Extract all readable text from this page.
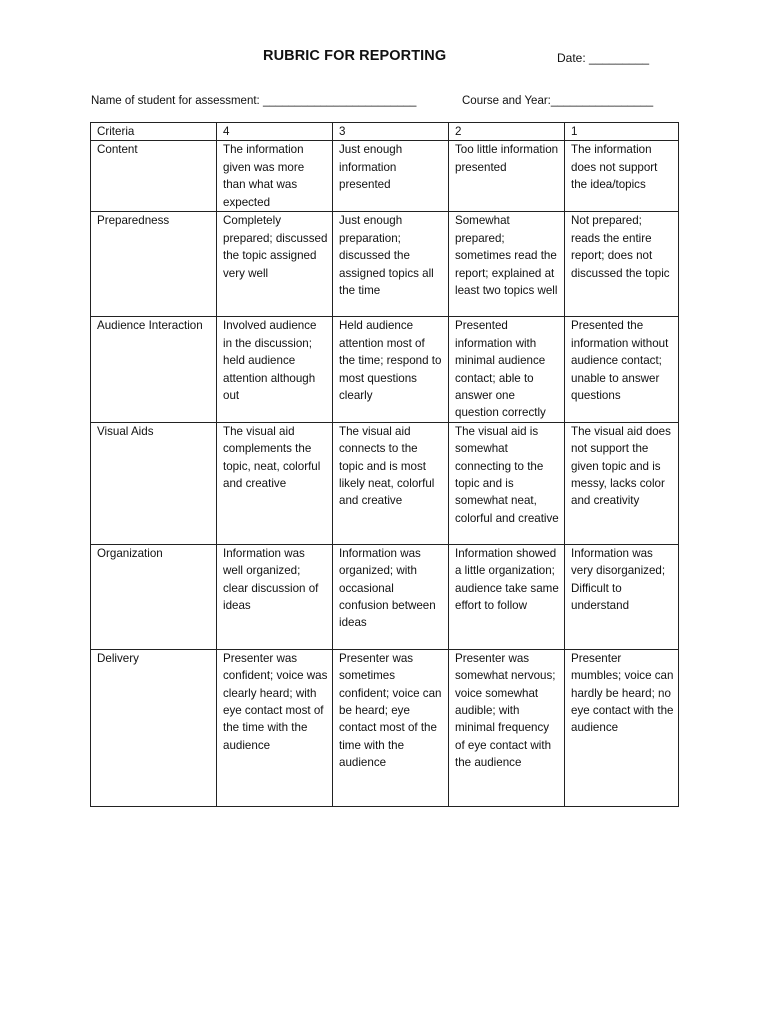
RUBRIC FOR REPORTING	Date: _________
Name of student for assessment: ________________________	Course and Year:________________
Criteria	4	3	2	1
Content	The information given was more than what was expected	Just enough information presented	Too little information presented	The information does not support the idea/topics
Preparedness	Completely prepared; discussed the topic assigned very well	Just enough preparation; discussed the assigned topics all the time	Somewhat prepared; sometimes read the report; explained at least two topics well	Not prepared; reads the entire report; does not discussed the topic
Audience Interaction	Involved audience in the discussion; held audience attention although out	Held audience attention most of the time; respond to most questions clearly	Presented information with minimal audience contact; able to answer one question correctly	Presented the information without audience contact; unable to answer questions
Visual Aids	The visual aid complements the topic, neat, colorful and creative	The visual aid connects to the topic and is most likely neat, colorful and creative	The visual aid is somewhat connecting to the topic and is somewhat neat, colorful and creative	The visual aid does not support the given topic and is messy, lacks color and creativity
Organization	Information was well organized; clear discussion of ideas	Information was organized; with occasional confusion between ideas	Information showed a little organization; audience take same effort to follow	Information was very disorganized; Difficult to understand
Delivery	Presenter was confident; voice was clearly heard; with eye contact most of the time with the audience	Presenter was sometimes confident; voice can be heard; eye contact most of the time with the audience	Presenter was somewhat nervous; voice somewhat audible; with minimal frequency of eye contact with the audience	Presenter mumbles; voice can hardly be heard; no eye contact with the audience
